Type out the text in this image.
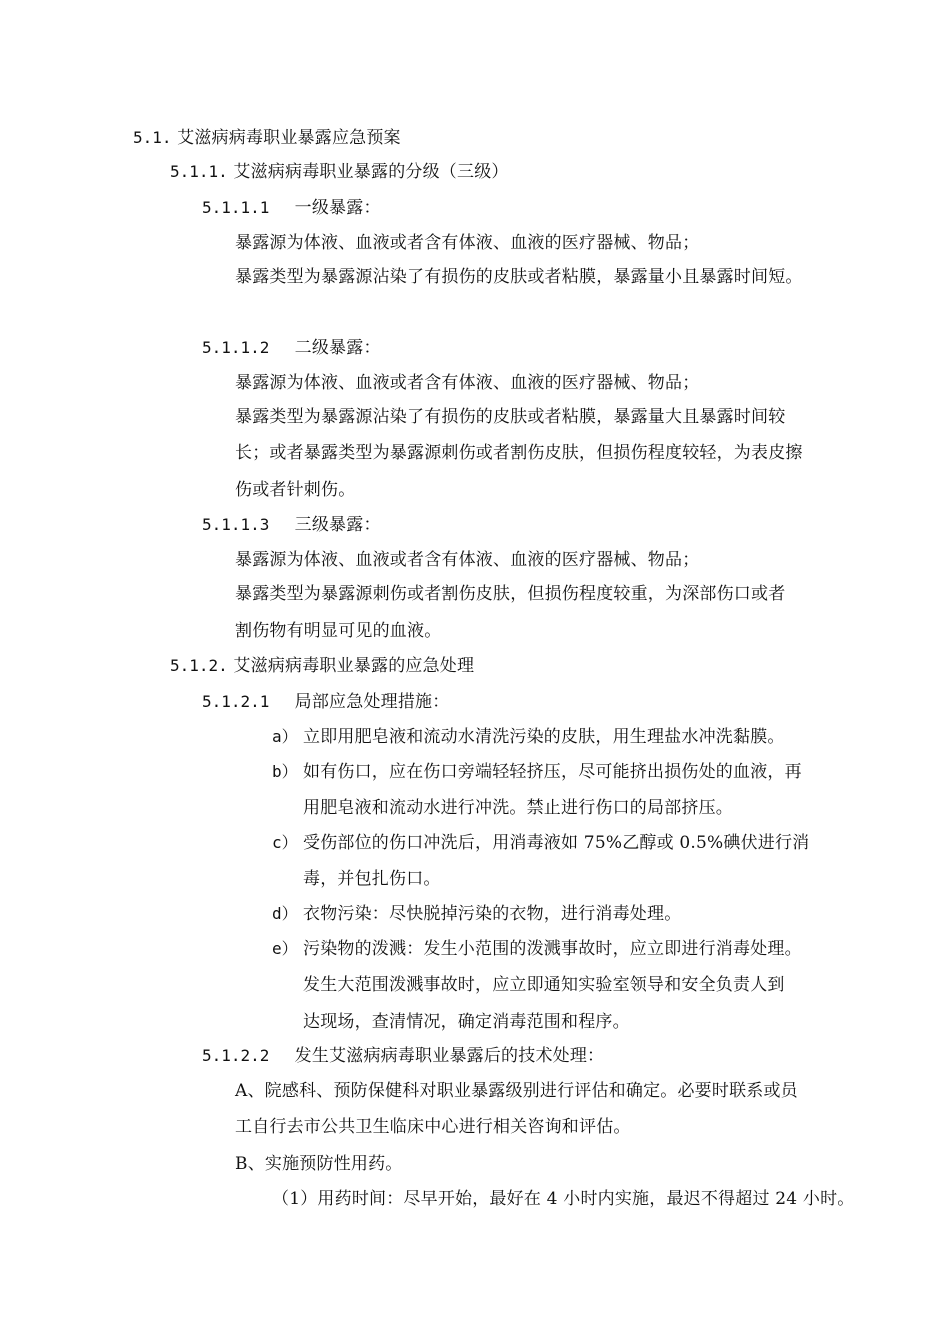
5.1. 艾滋病病毒职业暴露应急预案
5.1.1. 艾滋病病毒职业暴露的分级（三级）
5.1.1.1 一级暴露：
暴露源为体液、血液或者含有体液、血液的医疗器械、物品；
暴露类型为暴露源沾染了有损伤的皮肤或者粘膜，暴露量小且暴露时间短。
5.1.1.2 二级暴露：
暴露源为体液、血液或者含有体液、血液的医疗器械、物品；
暴露类型为暴露源沾染了有损伤的皮肤或者粘膜，暴露量大且暴露时间较
长；或者暴露类型为暴露源刺伤或者割伤皮肤，但损伤程度较轻，为表皮擦
伤或者针刺伤。
5.1.1.3 三级暴露：
暴露源为体液、血液或者含有体液、血液的医疗器械、物品；
暴露类型为暴露源刺伤或者割伤皮肤，但损伤程度较重，为深部伤口或者
割伤物有明显可见的血液。
5.1.2. 艾滋病病毒职业暴露的应急处理
5.1.2.1 局部应急处理措施：
a） 立即用肥皂液和流动水清洗污染的皮肤，用生理盐水冲洗黏膜。
b） 如有伤口，应在伤口旁端轻轻挤压，尽可能挤出损伤处的血液，再
用肥皂液和流动水进行冲洗。禁止进行伤口的局部挤压。
c） 受伤部位的伤口冲洗后，用消毒液如 75%乙醇或 0.5%碘伏进行消
毒，并包扎伤口。
d） 衣物污染：尽快脱掉污染的衣物，进行消毒处理。
e） 污染物的泼溅：发生小范围的泼溅事故时，应立即进行消毒处理。
发生大范围泼溅事故时，应立即通知实验室领导和安全负责人到
达现场，查清情况，确定消毒范围和程序。
5.1.2.2 发生艾滋病病毒职业暴露后的技术处理：
A、院感科、预防保健科对职业暴露级别进行评估和确定。必要时联系或员
工自行去市公共卫生临床中心进行相关咨询和评估。
B、实施预防性用药。
（1）用药时间：尽早开始，最好在 4 小时内实施，最迟不得超过 24 小时。
